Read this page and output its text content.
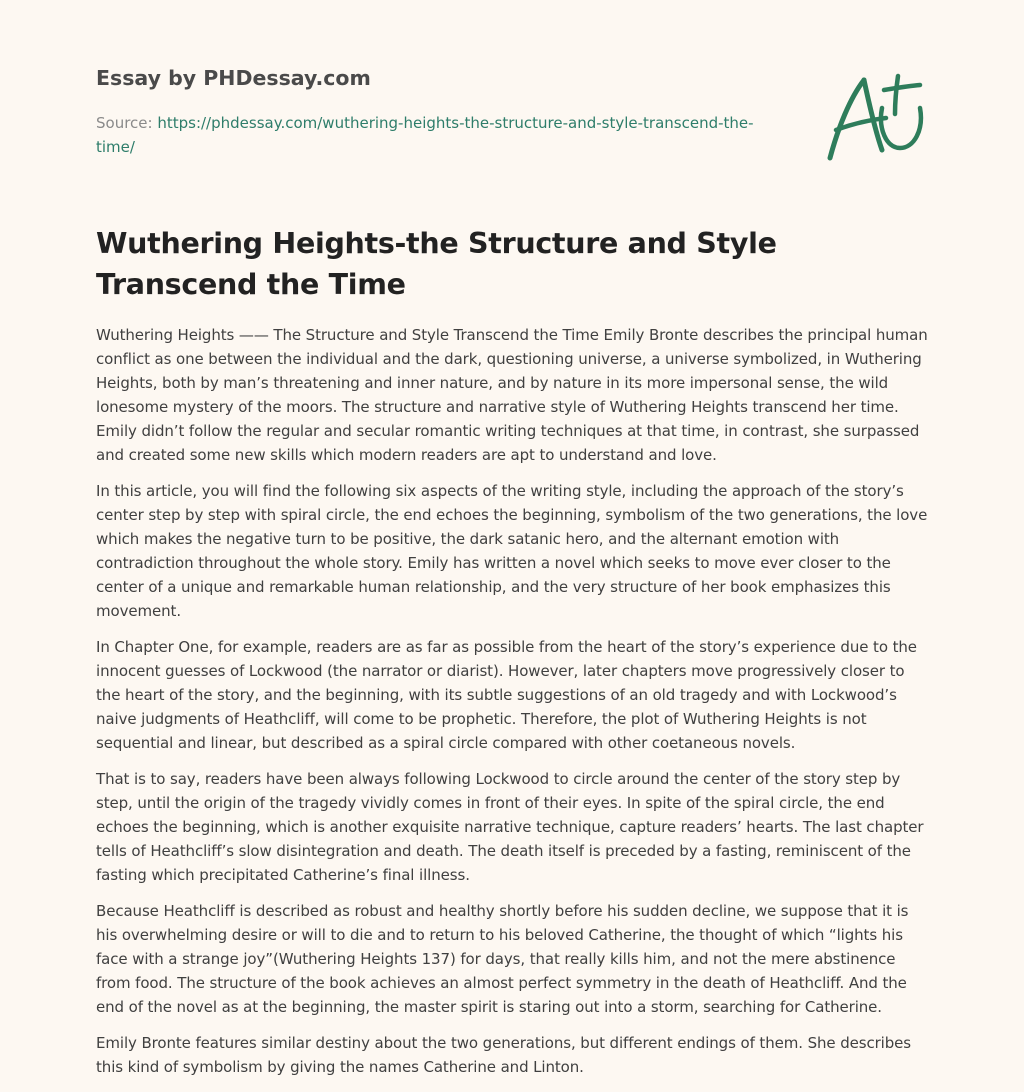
Essay by PHDessay.com
Source: https://phdessay.com/wuthering-heights-the-structure-and-style-transcend-the-time/
Wuthering Heights-the Structure and Style Transcend the Time

Wuthering Heights —— The Structure and Style Transcend the Time Emily Bronte describes the principal human conflict as one between the individual and the dark, questioning universe, a universe symbolized, in Wuthering Heights, both by man’s threatening and inner nature, and by nature in its more impersonal sense, the wild lonesome mystery of the moors. The structure and narrative style of Wuthering Heights transcend her time. Emily didn’t follow the regular and secular romantic writing techniques at that time, in contrast, she surpassed and created some new skills which modern readers are apt to understand and love.

In this article, you will find the following six aspects of the writing style, including the approach of the story’s center step by step with spiral circle, the end echoes the beginning, symbolism of the two generations, the love which makes the negative turn to be positive, the dark satanic hero, and the alternant emotion with contradiction throughout the whole story. Emily has written a novel which seeks to move ever closer to the center of a unique and remarkable human relationship, and the very structure of her book emphasizes this movement.

In Chapter One, for example, readers are as far as possible from the heart of the story’s experience due to the innocent guesses of Lockwood (the narrator or diarist). However, later chapters move progressively closer to the heart of the story, and the beginning, with its subtle suggestions of an old tragedy and with Lockwood’s naive judgments of Heathcliff, will come to be prophetic. Therefore, the plot of Wuthering Heights is not sequential and linear, but described as a spiral circle compared with other coetaneous novels.

That is to say, readers have been always following Lockwood to circle around the center of the story step by step, until the origin of the tragedy vividly comes in front of their eyes. In spite of the spiral circle, the end echoes the beginning, which is another exquisite narrative technique, capture readers’ hearts. The last chapter tells of Heathcliff’s slow disintegration and death. The death itself is preceded by a fasting, reminiscent of the fasting which precipitated Catherine’s final illness.

Because Heathcliff is described as robust and healthy shortly before his sudden decline, we suppose that it is his overwhelming desire or will to die and to return to his beloved Catherine, the thought of which “lights his face with a strange joy”(Wuthering Heights 137) for days, that really kills him, and not the mere abstinence from food. The structure of the book achieves an almost perfect symmetry in the death of Heathcliff. And the end of the novel as at the beginning, the master spirit is staring out into a storm, searching for Catherine.

Emily Bronte features similar destiny about the two generations, but different endings of them. She describes this kind of symbolism by giving the names Catherine and Linton.
